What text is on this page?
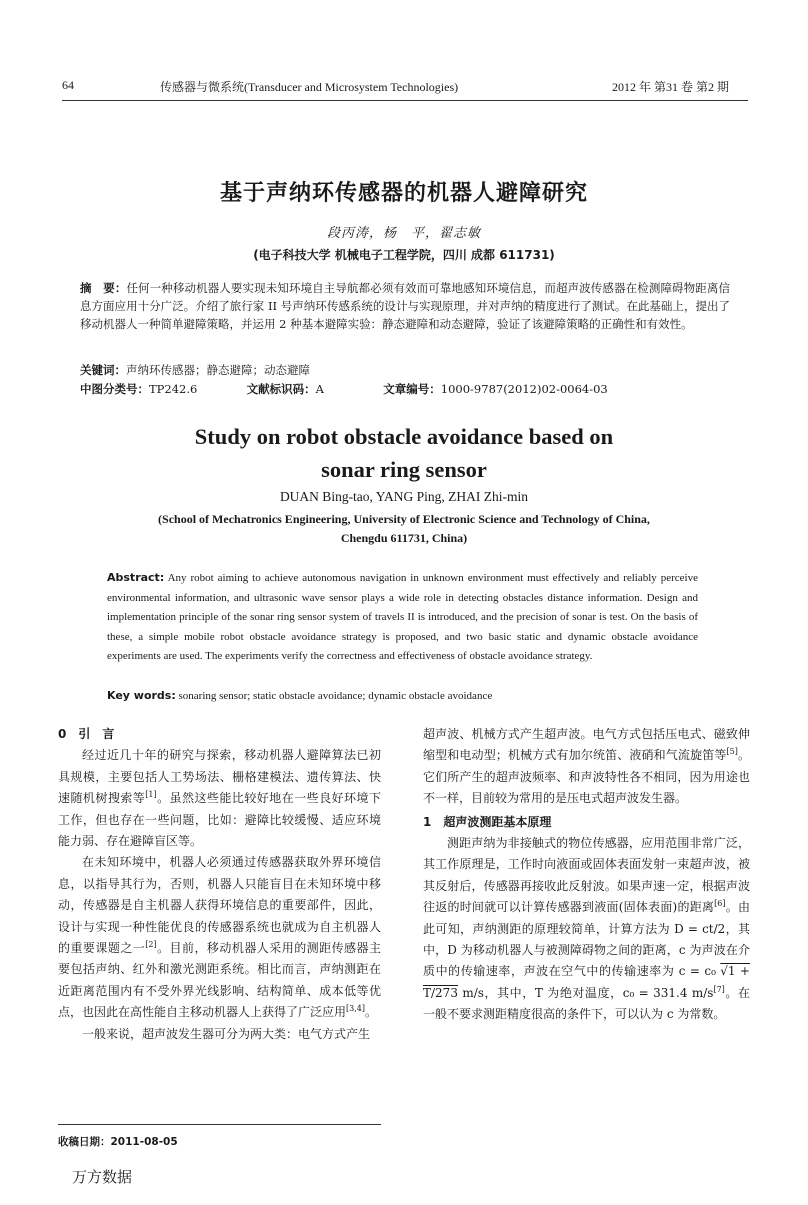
64	传感器与微系统(Transducer and Microsystem Technologies)	2012 年 第31 卷 第2 期
基于声纳环传感器的机器人避障研究
段丙涛，杨　平，翟志敏
(电子科技大学 机械电子工程学院，四川 成都 611731)
摘　要：任何一种移动机器人要实现未知环境自主导航都必须有效而可靠地感知环境信息，而超声波传感器在检测障碍物距离信息方面应用十分广泛。介绍了旅行家 II 号声纳环传感系统的设计与实现原理，并对声纳的精度进行了测试。在此基础上，提出了移动机器人一种简单避障策略，并运用 2 种基本避障实验：静态避障和动态避障，验证了该避障策略的正确性和有效性。
关键词：声纳环传感器；静态避障；动态避障
中图分类号：TP242.6	文献标识码：A	文章编号：1000-9787(2012)02-0064-03
Study on robot obstacle avoidance based on
sonar ring sensor
DUAN Bing-tao, YANG Ping, ZHAI Zhi-min
(School of Mechatronics Engineering, University of Electronic Science and Technology of China,
Chengdu 611731, China)
Abstract: Any robot aiming to achieve autonomous navigation in unknown environment must effectively and reliably perceive environmental information, and ultrasonic wave sensor plays a wide role in detecting obstacles distance information. Design and implementation principle of the sonar ring sensor system of travels II is introduced, and the precision of sonar is test. On the basis of these, a simple mobile robot obstacle avoidance strategy is proposed, and two basic static and dynamic obstacle avoidance experiments are used. The experiments verify the correctness and effectiveness of obstacle avoidance strategy.
Key words: sonaring sensor; static obstacle avoidance; dynamic obstacle avoidance
0　引　言

经过近几十年的研究与探索，移动机器人避障算法已初具规模，主要包括人工势场法、栅格建模法、遗传算法、快速随机树搜索等[1]。虽然这些能比较好地在一些良好环境下工作，但也存在一些问题，比如：避障比较缓慢、适应环境能力弱、存在避障盲区等。

在未知环境中，机器人必须通过传感器获取外界环境信息，以指导其行为，否则，机器人只能盲目在未知环境中移动，传感器是自主机器人获得环境信息的重要部件，因此，设计与实现一种性能优良的传感器系统也就成为自主机器人的重要课题之一[2]。目前，移动机器人采用的测距传感器主要包括声纳、红外和激光测距系统。相比而言，声纳测距在近距离范围内有不受外界光线影响、结构简单、成本低等优点，也因此在高性能自主移动机器人上获得了广泛应用[3,4]。

一般来说，超声波发生器可分为两大类：电气方式产生

超声波、机械方式产生超声波。电气方式包括压电式、磁致伸缩型和电动型；机械方式有加尔统笛、液硝和气流旋笛等[5]。它们所产生的超声波频率、和声波特性各不相同，因为用途也不一样，目前较为常用的是压电式超声波发生器。

1　超声波测距基本原理

测距声纳为非接触式的物位传感器，应用范围非常广泛，其工作原理是，工作时向液面或固体表面发射一束超声波，被其反射后，传感器再接收此反射波。如果声速一定，根据声波往返的时间就可以计算传感器到液面(固体表面)的距离[6]。由此可知，声纳测距的原理较简单，计算方法为 D = ct/2，其中，D 为移动机器人与被测障碍物之间的距离，c 为声波在介质中的传输速率，声波在空气中的传输速率为 c = c₀ √1 + T/273 m/s，其中，T 为绝对温度，c₀ = 331.4 m/s[7]。在一般不要求测距精度很高的条件下，可以认为 c 为常数。

收稿日期：2011-08-05
万方数据
